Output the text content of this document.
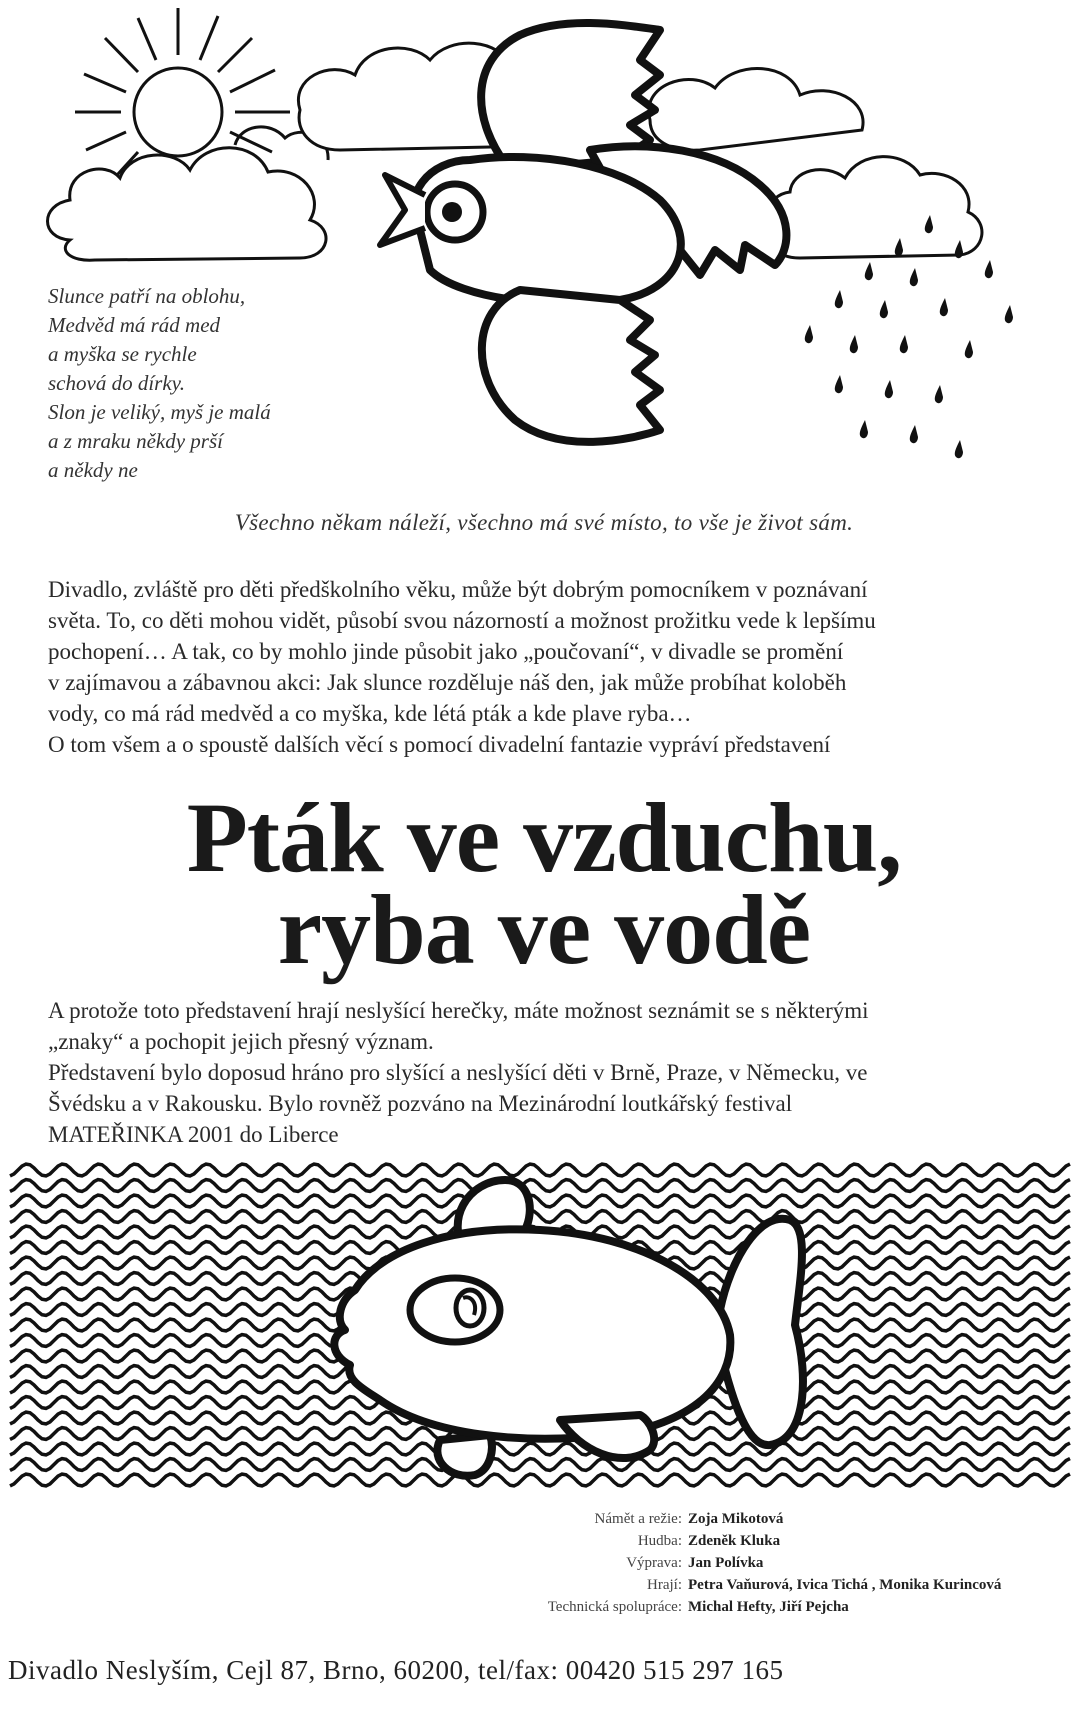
Slunce patří na oblohu,
Medvěd má rád med
a myška se rychle
schová do dírky.
Slon je veliký, myš je malá
a z mraku někdy prší
a někdy ne
Všechno někam náleží, všechno má své místo, to vše je život sám.
Divadlo, zvláště pro děti předškolního věku, může být dobrým pomocníkem v poznávaní
světa. To, co děti mohou vidět, působí svou názorností a možnost prožitku vede k lepšímu
pochopení… A tak, co by mohlo jinde působit jako „poučovaní“, v divadle se promění
v zajímavou a zábavnou akci: Jak slunce rozděluje náš den, jak může probíhat koloběh
vody, co má rád medvěd a co myška, kde létá pták a kde plave ryba…
O tom všem a o spoustě dalších věcí s pomocí divadelní fantazie vypráví představení
Pták ve vzduchu,
ryba ve vodě
A protože toto představení hrají neslyšící herečky, máte možnost seznámit se s některými
„znaky“ a pochopit jejich přesný význam.
Představení bylo doposud hráno pro slyšící a neslyšící děti v Brně, Praze, v Německu, ve
Švédsku a v Rakousku. Bylo rovněž pozváno na Mezinárodní loutkářský festival
MATEŘINKA 2001 do Liberce
Námět a režie: Zoja Mikotová
Hudba: Zdeněk Kluka
Výprava: Jan Polívka
Hrají: Petra Vaňurová, Ivica Tichá , Monika Kurincová
Technická spolupráce: Michal Hefty, Jiří Pejcha
Divadlo Neslyším, Cejl 87, Brno, 60200, tel/fax: 00420 515 297 165
